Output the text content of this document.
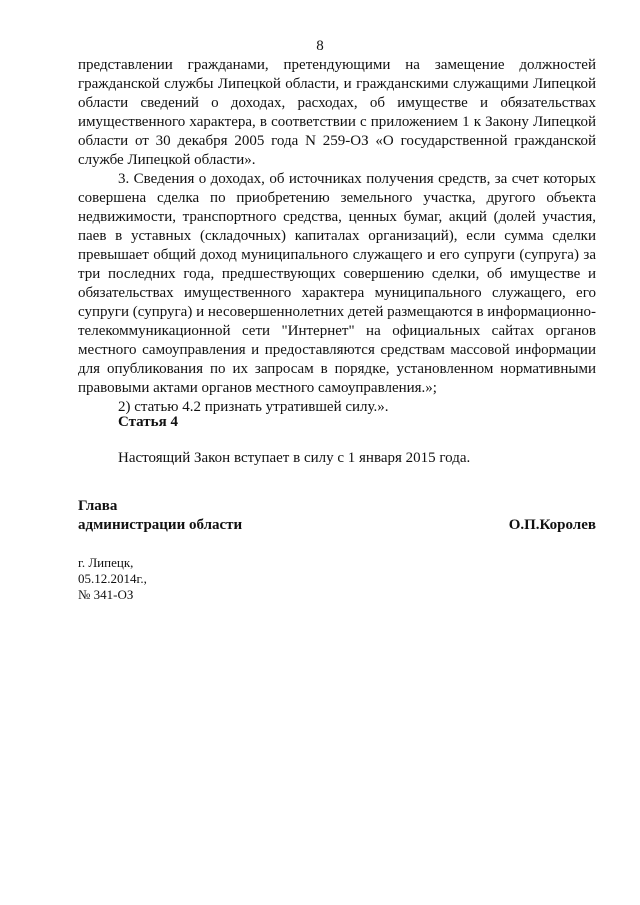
8

представлении гражданами, претендующими на замещение должностей гражданской службы Липецкой области, и гражданскими служащими Липецкой области сведений о доходах, расходах, об имуществе и обязательствах имущественного характера, в соответствии с приложением 1 к Закону Липецкой области от 30 декабря 2005 года N 259-ОЗ «О государственной гражданской службе Липецкой области».

3. Сведения о доходах, об источниках получения средств, за счет которых совершена сделка по приобретению земельного участка, другого объекта недвижимости, транспортного средства, ценных бумаг, акций (долей участия, паев в уставных (складочных) капиталах организаций), если сумма сделки превышает общий доход муниципального служащего и его супруги (супруга) за три последних года, предшествующих совершению сделки, об имуществе и обязательствах имущественного характера муниципального служащего, его супруги (супруга) и несовершеннолетних детей размещаются в информационно-телекоммуникационной сети "Интернет" на официальных сайтах органов местного самоуправления и предоставляются средствам массовой информации для опубликования по их запросам в порядке, установленном нормативными правовыми актами органов местного самоуправления.»;

2) статью 4.2 признать утратившей силу.».

Статья 4
Настоящий Закон вступает в силу с 1 января 2015 года.
Глава
администрации области	О.П.Королев
г. Липецк,
05.12.2014г.,
№ 341-ОЗ
